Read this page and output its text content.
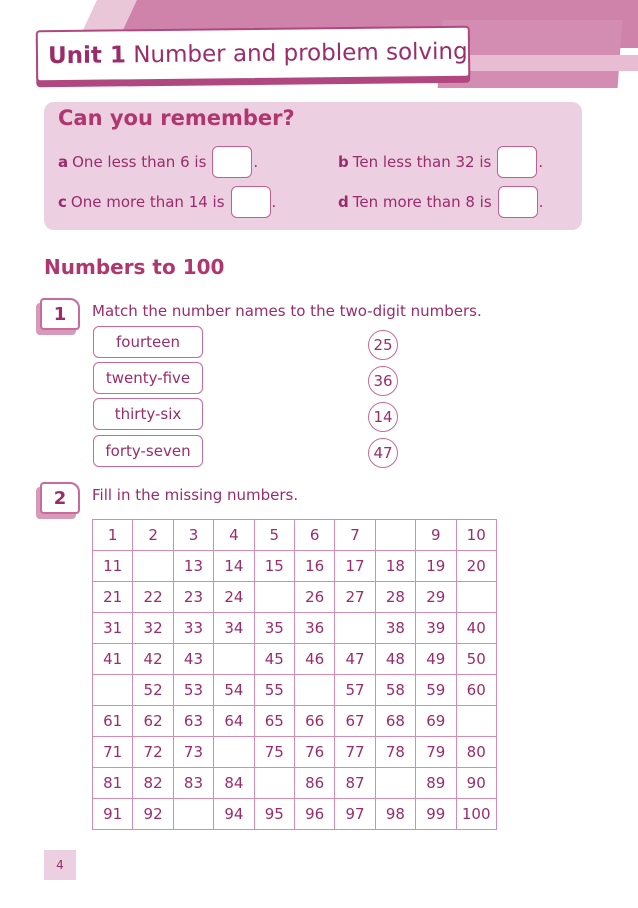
Unit 1 Number and problem solving
Can you remember?
a One less than 6 is	.	b Ten less than 32 is	.
c One more than 14 is	.	d Ten more than 8 is	.
Numbers to 100
1	Match the number names to the two-digit numbers.
fourteen
twenty-five
thirty-six
forty-seven
25
36
14
47
2	Fill in the missing numbers.
1	2	3	4	5	6	7		9	10
11		13	14	15	16	17	18	19	20
21	22	23	24		26	27	28	29	
31	32	33	34	35	36		38	39	40
41	42	43		45	46	47	48	49	50
	52	53	54	55		57	58	59	60
61	62	63	64	65	66	67	68	69	
71	72	73		75	76	77	78	79	80
81	82	83	84		86	87		89	90
91	92		94	95	96	97	98	99	100
4
